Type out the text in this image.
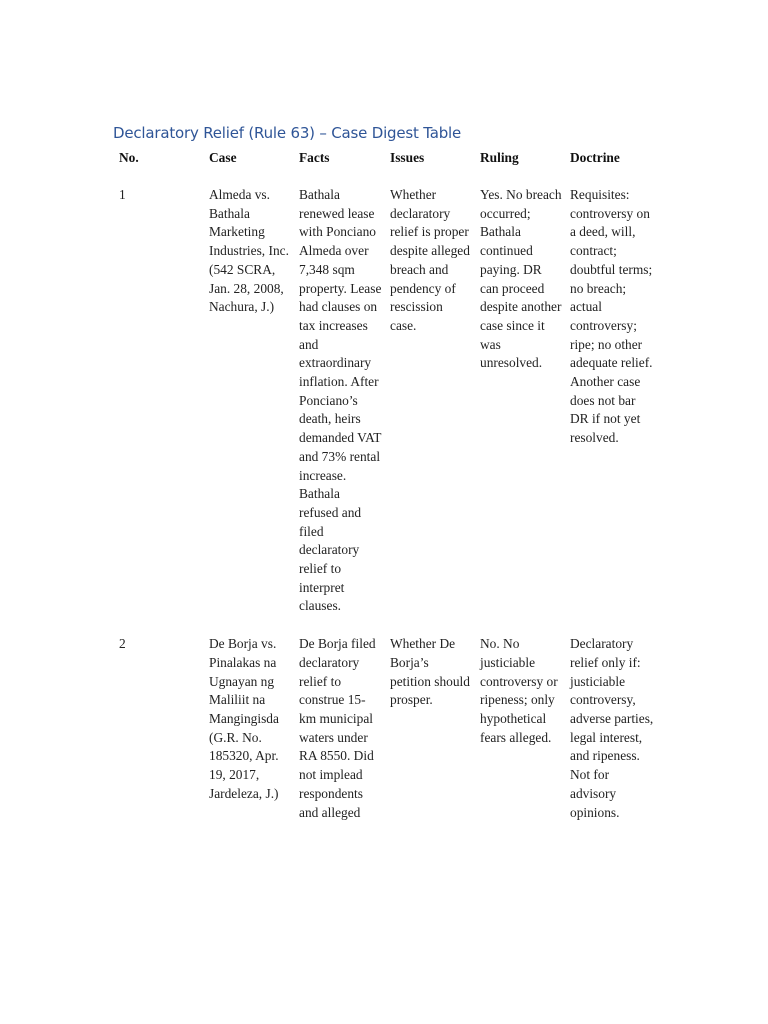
Declaratory Relief (Rule 63) – Case Digest Table
No.	Case	Facts	Issues	Ruling	Doctrine

1	Almeda vs. Bathala Marketing Industries, Inc. (542 SCRA, Jan. 28, 2008, Nachura, J.)	Bathala renewed lease with Ponciano Almeda over 7,348 sqm property. Lease had clauses on tax increases and extraordinary inflation. After Ponciano’s death, heirs demanded VAT and 73% rental increase. Bathala refused and filed declaratory relief to interpret clauses.	Whether declaratory relief is proper despite alleged breach and pendency of rescission case.	Yes. No breach occurred; Bathala continued paying. DR can proceed despite another case since it was unresolved.	Requisites: controversy on a deed, will, contract; doubtful terms; no breach; actual controversy; ripe; no other adequate relief. Another case does not bar DR if not yet resolved.

2	De Borja vs. Pinalakas na Ugnayan ng Maliliit na Mangingisda (G.R. No. 185320, Apr. 19, 2017, Jardeleza, J.)	De Borja filed declaratory relief to construe 15-km municipal waters under RA 8550. Did not implead respondents and alleged	Whether De Borja’s petition should prosper.	No. No justiciable controversy or ripeness; only hypothetical fears alleged.	Declaratory relief only if: justiciable controversy, adverse parties, legal interest, and ripeness. Not for advisory opinions.
